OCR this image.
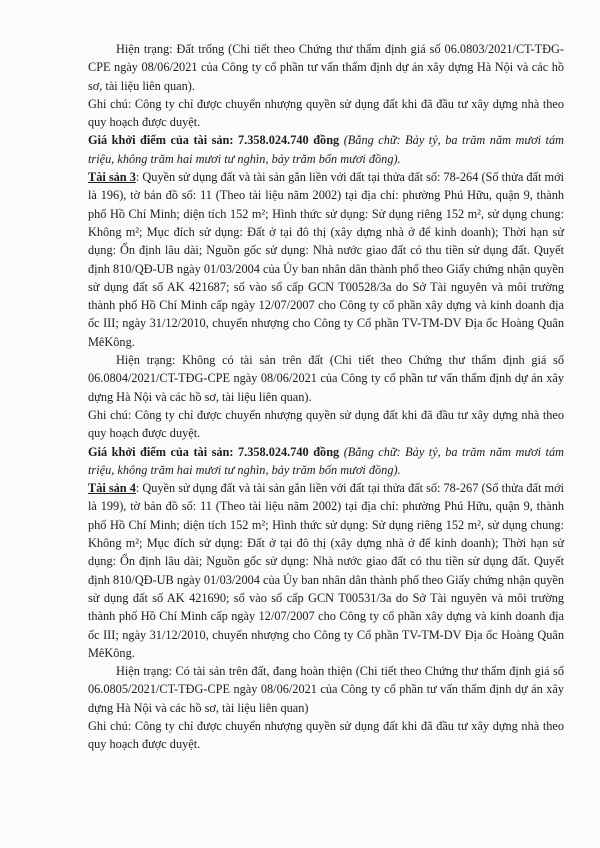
Hiện trạng: Đất trống (Chi tiết theo Chứng thư thẩm định giá số 06.0803/2021/CT-TĐG-CPE ngày 08/06/2021 của Công ty cổ phần tư vấn thẩm định dự án xây dựng Hà Nội và các hồ sơ, tài liệu liên quan).

Ghi chú: Công ty chỉ được chuyển nhượng quyền sử dụng đất khi đã đầu tư xây dựng nhà theo quy hoạch được duyệt.

Giá khởi điểm của tài sản: 7.358.024.740 đồng (Bằng chữ: Bảy tỷ, ba trăm năm mươi tám triệu, không trăm hai mươi tư nghìn, bảy trăm bốn mươi đồng).

Tài sản 3: Quyền sử dụng đất và tài sản gắn liền với đất tại thửa đất số: 78-264 (Số thửa đất mới là 196), tờ bản đồ số: 11 (Theo tài liệu năm 2002) tại địa chỉ: phường Phú Hữu, quận 9, thành phố Hồ Chí Minh; diện tích 152 m²; Hình thức sử dụng: Sử dụng riêng 152 m², sử dụng chung: Không m²; Mục đích sử dụng: Đất ở tại đô thị (xây dựng nhà ở để kinh doanh); Thời hạn sử dụng: Ổn định lâu dài; Nguồn gốc sử dụng: Nhà nước giao đất có thu tiền sử dụng đất. Quyết định 810/QĐ-UB ngày 01/03/2004 của Ủy ban nhân dân thành phố theo Giấy chứng nhận quyền sử dụng đất số AK 421687; số vào sổ cấp GCN T00528/3a do Sở Tài nguyên và môi trường thành phố Hồ Chí Minh cấp ngày 12/07/2007 cho Công ty cổ phần xây dựng và kinh doanh địa ốc III; ngày 31/12/2010, chuyển nhượng cho Công ty Cổ phần TV-TM-DV Địa ốc Hoàng Quân MêKông.

Hiện trạng: Không có tài sản trên đất (Chi tiết theo Chứng thư thẩm định giá số 06.0804/2021/CT-TĐG-CPE ngày 08/06/2021 của Công ty cổ phần tư vấn thẩm định dự án xây dựng Hà Nội và các hồ sơ, tài liệu liên quan).

Ghi chú: Công ty chỉ được chuyển nhượng quyền sử dụng đất khi đã đầu tư xây dựng nhà theo quy hoạch được duyệt.

Giá khởi điểm của tài sản: 7.358.024.740 đồng (Bằng chữ: Bảy tỷ, ba trăm năm mươi tám triệu, không trăm hai mươi tư nghìn, bảy trăm bốn mươi đồng).

Tài sản 4: Quyền sử dụng đất và tài sản gắn liền với đất tại thửa đất số: 78-267 (Số thửa đất mới là 199), tờ bản đồ số: 11 (Theo tài liệu năm 2002) tại địa chỉ: phường Phú Hữu, quận 9, thành phố Hồ Chí Minh; diện tích 152 m²; Hình thức sử dụng: Sử dụng riêng 152 m², sử dụng chung: Không m²; Mục đích sử dụng: Đất ở tại đô thị (xây dựng nhà ở để kinh doanh); Thời hạn sử dụng: Ổn định lâu dài; Nguồn gốc sử dụng: Nhà nước giao đất có thu tiền sử dụng đất. Quyết định 810/QĐ-UB ngày 01/03/2004 của Ủy ban nhân dân thành phố theo Giấy chứng nhận quyền sử dụng đất số AK 421690; số vào sổ cấp GCN T00531/3a do Sở Tài nguyên và môi trường thành phố Hồ Chí Minh cấp ngày 12/07/2007 cho Công ty cổ phần xây dựng và kinh doanh địa ốc III; ngày 31/12/2010, chuyển nhượng cho Công ty Cổ phần TV-TM-DV Địa ốc Hoàng Quân MêKông.

Hiện trạng: Có tài sản trên đất, đang hoàn thiện (Chi tiết theo Chứng thư thẩm định giá số 06.0805/2021/CT-TĐG-CPE ngày 08/06/2021 của Công ty cổ phần tư vấn thẩm định dự án xây dựng Hà Nội và các hồ sơ, tài liệu liên quan)

Ghi chú: Công ty chỉ được chuyển nhượng quyền sử dụng đất khi đã đầu tư xây dựng nhà theo quy hoạch được duyệt.
